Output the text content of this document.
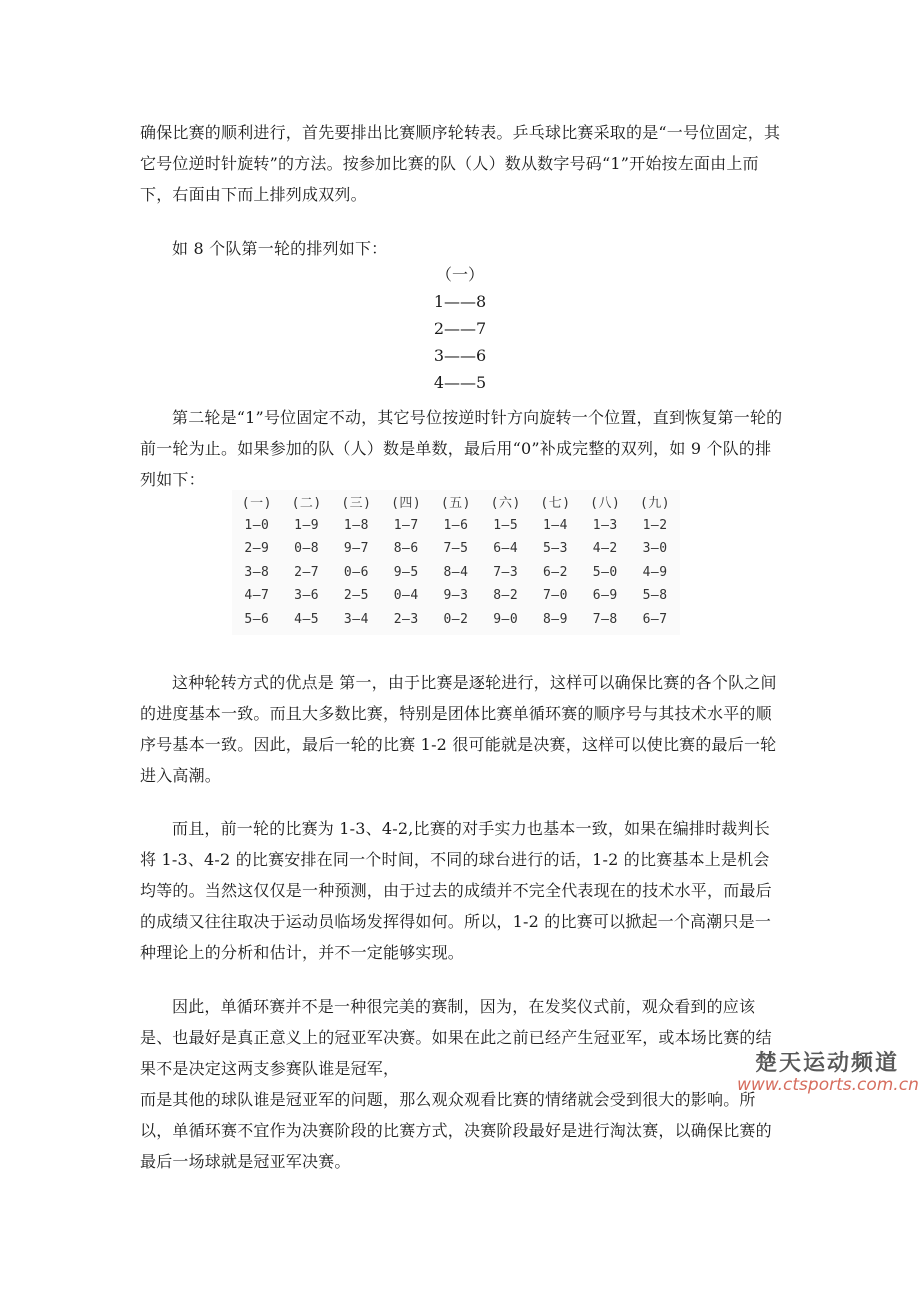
确保比赛的顺利进行，首先要排出比赛顺序轮转表。乒乓球比赛采取的是“一号位固定，其它号位逆时针旋转”的方法。按参加比赛的队（人）数从数字号码“1”开始按左面由上而下，右面由下而上排列成双列。

如 8 个队第一轮的排列如下：

（一）

1——8

2——7

3——6

4——5

第二轮是“1”号位固定不动，其它号位按逆时针方向旋转一个位置，直到恢复第一轮的前一轮为止。如果参加的队（人）数是单数，最后用“0”补成完整的双列，如 9 个队的排列如下：

(一)	(二)	(三)	(四)	(五)	(六)	(七)	(八)	(九)
1—0	1—9	1—8	1—7	1—6	1—5	1—4	1—3	1—2
2—9	0—8	9—7	8—6	7—5	6—4	5—3	4—2	3—0
3—8	2—7	0—6	9—5	8—4	7—3	6—2	5—0	4—9
4—7	3—6	2—5	0—4	9—3	8—2	7—0	6—9	5—8
5—6	4—5	3—4	2—3	0—2	9—0	8—9	7—8	6—7
楚天运动频道
www.ctsports.com.cn

这种轮转方式的优点是 第一，由于比赛是逐轮进行，这样可以确保比赛的各个队之间的进度基本一致。而且大多数比赛，特别是团体比赛单循环赛的顺序号与其技术水平的顺序号基本一致。因此，最后一轮的比赛 1-2 很可能就是决赛，这样可以使比赛的最后一轮进入高潮。

而且，前一轮的比赛为 1-3、4-2,比赛的对手实力也基本一致，如果在编排时裁判长将 1-3、4-2 的比赛安排在同一个时间，不同的球台进行的话，1-2 的比赛基本上是机会均等的。当然这仅仅是一种预测，由于过去的成绩并不完全代表现在的技术水平，而最后的成绩又往往取决于运动员临场发挥得如何。所以，1-2 的比赛可以掀起一个高潮只是一种理论上的分析和估计，并不一定能够实现。

因此，单循环赛并不是一种很完美的赛制，因为，在发奖仪式前，观众看到的应该是、也最好是真正意义上的冠亚军决赛。如果在此之前已经产生冠亚军，或本场比赛的结果不是决定这两支参赛队谁是冠军，

而是其他的球队谁是冠亚军的问题，那么观众观看比赛的情绪就会受到很大的影响。所以，单循环赛不宜作为决赛阶段的比赛方式，决赛阶段最好是进行淘汰赛，以确保比赛的最后一场球就是冠亚军决赛。
